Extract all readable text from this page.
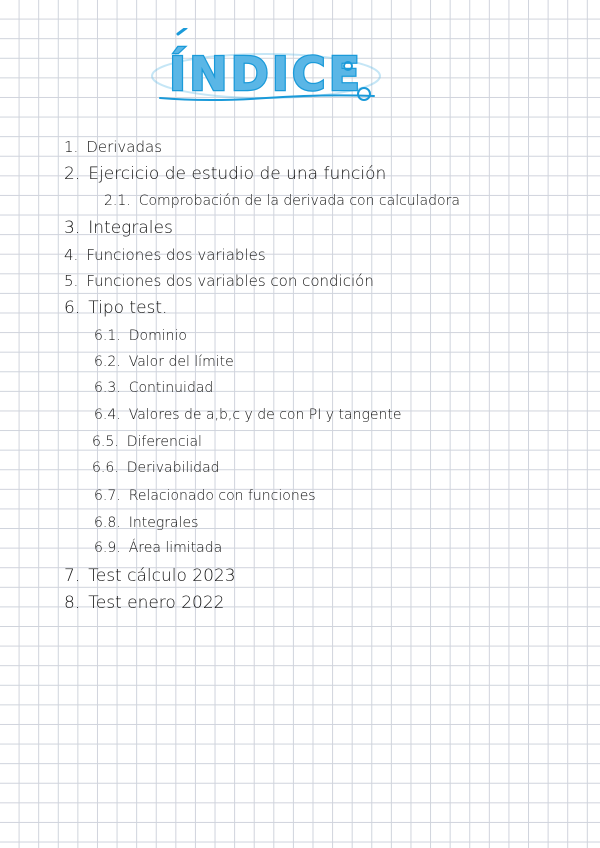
ÍNDICE
1. Derivadas
2. Ejercicio de estudio de una función
2.1. Comprobación de la derivada con calculadora
3. Integrales
4. Funciones dos variables
5. Funciones dos variables con condición
6. Tipo test.
6.1. Dominio
6.2. Valor del límite
6.3. Continuidad
6.4. Valores de a,b,c y de con PI y tangente
6.5. Diferencial
6.6. Derivabilidad
6.7. Relacionado con funciones
6.8. Integrales
6.9. Área limitada
7. Test cálculo 2023
8. Test enero 2022
